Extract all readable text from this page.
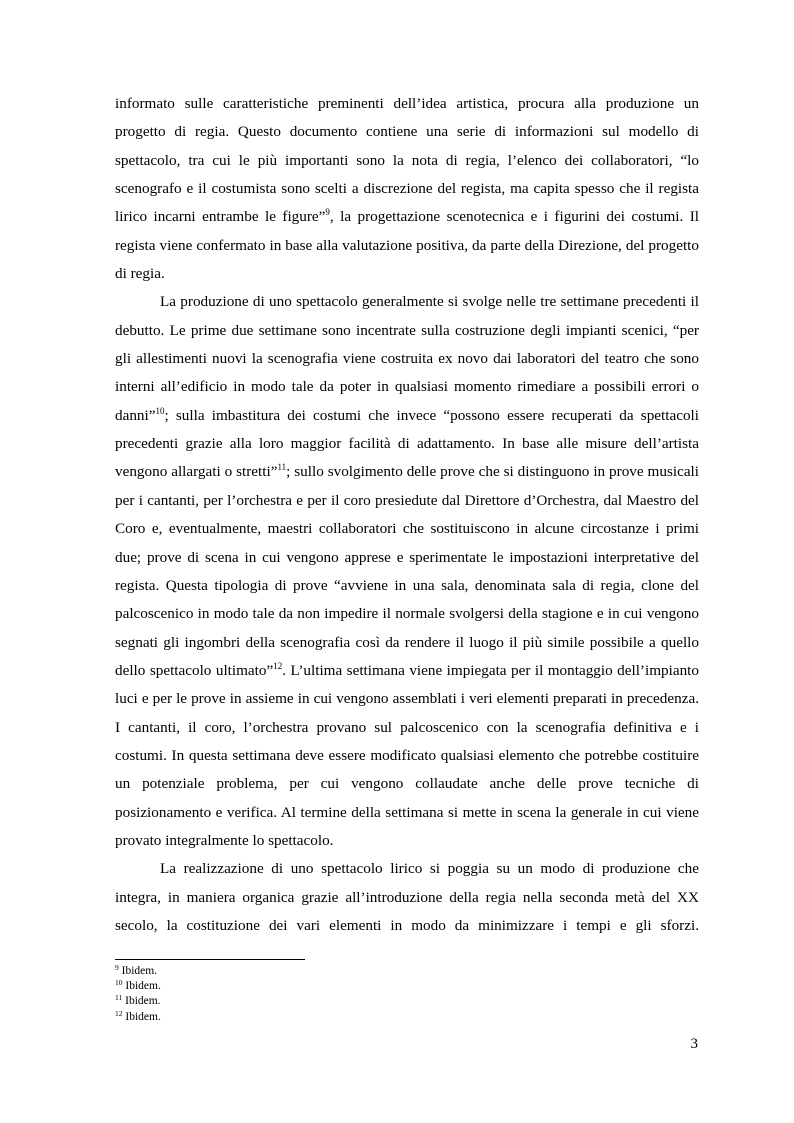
informato sulle caratteristiche preminenti dell’idea artistica, procura alla produzione un progetto di regia. Questo documento contiene una serie di informazioni sul modello di spettacolo, tra cui le più importanti sono la nota di regia, l’elenco dei collaboratori, “lo scenografo e il costumista sono scelti a discrezione del regista, ma capita spesso che il regista lirico incarni entrambe le figure”$^9$, la progettazione scenotecnica e i figurini dei costumi. Il regista viene confermato in base alla valutazione positiva, da parte della Direzione, del progetto di regia.

La produzione di uno spettacolo generalmente si svolge nelle tre settimane precedenti il debutto. Le prime due settimane sono incentrate sulla costruzione degli impianti scenici, “per gli allestimenti nuovi la scenografia viene costruita ex novo dai laboratori del teatro che sono interni all’edificio in modo tale da poter in qualsiasi momento rimediare a possibili errori o danni”$^{10}$; sulla imbastitura dei costumi che invece “possono essere recuperati da spettacoli precedenti grazie alla loro maggior facilità di adattamento. In base alle misure dell’artista vengono allargati o stretti”$^{11}$; sullo svolgimento delle prove che si distinguono in prove musicali per i cantanti, per l’orchestra e per il coro presiedute dal Direttore d’Orchestra, dal Maestro del Coro e, eventualmente, maestri collaboratori che sostituiscono in alcune circostanze i primi due; prove di scena in cui vengono apprese e sperimentate le impostazioni interpretative del regista. Questa tipologia di prove “avviene in una sala, denominata sala di regia, clone del palcoscenico in modo tale da non impedire il normale svolgersi della stagione e in cui vengono segnati gli ingombri della scenografia così da rendere il luogo il più simile possibile a quello dello spettacolo ultimato”$^{12}$. L’ultima settimana viene impiegata per il montaggio dell’impianto luci e per le prove in assieme in cui vengono assemblati i veri elementi preparati in precedenza. I cantanti, il coro, l’orchestra provano sul palcoscenico con la scenografia definitiva e i costumi. In questa settimana deve essere modificato qualsiasi elemento che potrebbe costituire un potenziale problema, per cui vengono collaudate anche delle prove tecniche di posizionamento e verifica. Al termine della settimana si mette in scena la generale in cui viene provato integralmente lo spettacolo.

La realizzazione di uno spettacolo lirico si poggia su un modo di produzione che integra, in maniera organica grazie all’introduzione della regia nella seconda metà del XX secolo, la costituzione dei vari elementi in modo da minimizzare i tempi e gli sforzi.

$^9$ Ibidem.

$^{10}$ Ibidem.

$^{11}$ Ibidem.

$^{12}$ Ibidem.

3
